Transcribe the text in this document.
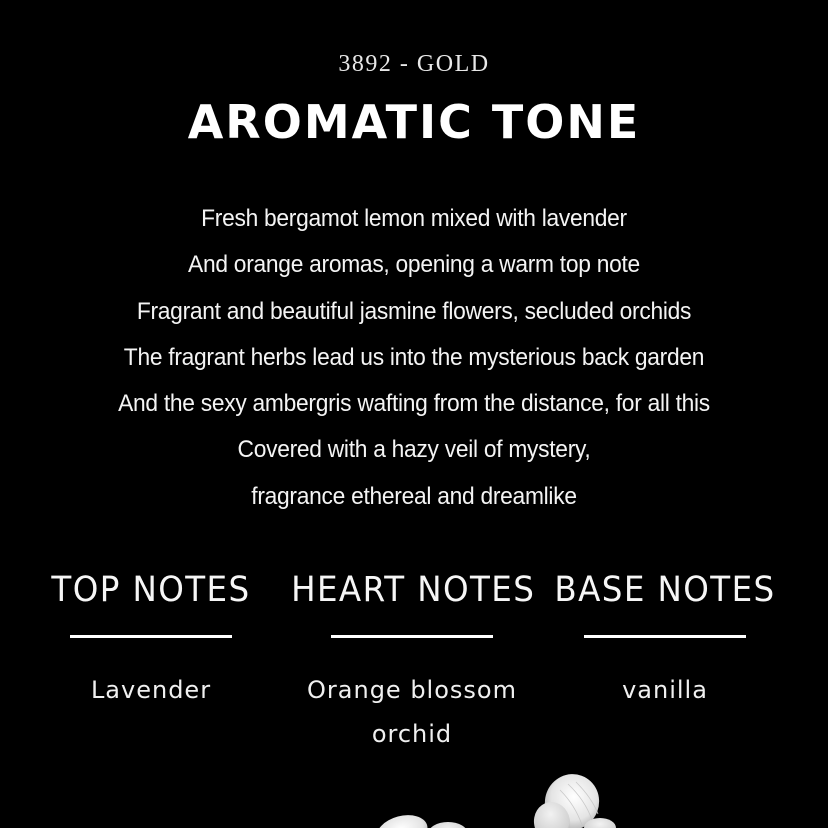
3892 - GOLD
AROMATIC TONE
Fresh bergamot lemon mixed with lavender
And orange aromas, opening a warm top note
Fragrant and beautiful jasmine flowers, secluded orchids
The fragrant herbs lead us into the mysterious back garden
And the sexy ambergris wafting from the distance, for all this
Covered with a hazy veil of mystery,
fragrance ethereal and dreamlike
TOP NOTES
Lavender
HEART NOTES
Orange blossom
orchid
BASE NOTES
vanilla
